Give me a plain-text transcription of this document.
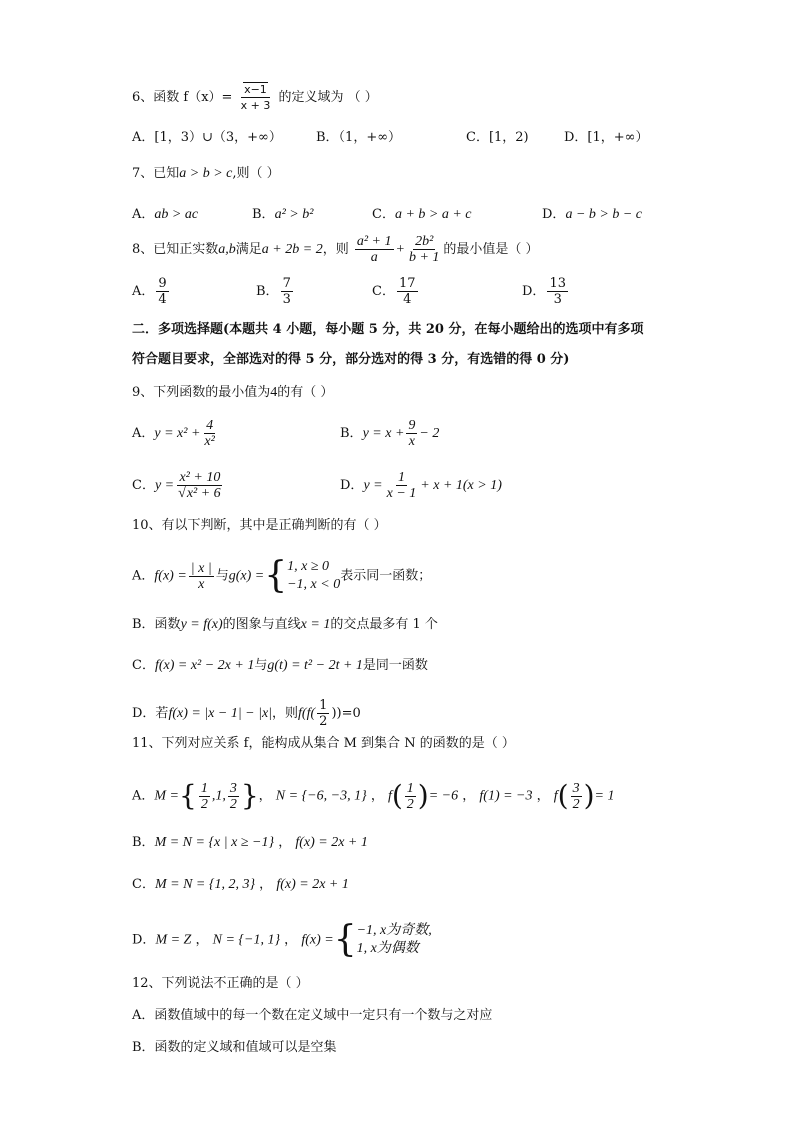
6、函数 $f(x)= \frac{x-1}{x + 3}$ 的定义域为 （ ）
A．[1，3）∪（3，+∞）	B．（1，+∞）	C．[1，2)	D．[1，+∞）
7、已知a > b > c,则（ ）
A．ab > ac	B．a² > b²	C．a + b > a + c	D．a − b > b − c
8、已知正实数a,b满足a + 2b = 2，则 $\frac{\text{a² + 1}}{a} + \frac{\text{2b²}}{b + 1}$ 的最小值是（ ）
A． $\frac{9}{4}$	B． $\frac{7}{3}$	C． $\frac{17}{4}$	D． $\frac{13}{3}$
二．多项选择题(本题共 4 小题，每小题 5 分，共 20 分，在每小题给出的选项中有多项
符合题目要求，全部选对的得 5 分，部分选对的得 3 分，有选错的得 0 分)
9、下列函数的最小值为4的有（ ）
A．$y = x^2 + \frac{4}{\text{x²}}$	B．$y = x + \frac{9}{x} - 2$
C．$y = \frac{\text{x² + 10}}{\text{√x² + 6}}$	D．$y = \frac{1}{x - 1} + x + 1(x > 1)$
10、有以下判断，其中是正确判断的有（ ）
A．$f(x) = \frac{| x |}{x}$ 与g(x) ={ 1, x ≥ 0
−1, x < 0
表示同一函数；
B．函数y = f(x)的图象与直线x = 1的交点最多有 1 个
C．f(x) = x² − 2x + 1与g(t) = t² − 2t + 1是同一函数
D．若f(x) = |x − 1| − |x|，则$f(f( \frac{1}{2} ))=0$
11、下列对应关系 f，能构成从集合 M 到集合 N 的函数的是（ ）
A．M ={ $\frac{1}{2} ,1$, $\frac{3}{2}$ }， N = {−6, −3, 1} ， $f( \frac{1}{2}$ )= −6 ， f(1) = −3 ， $f( \frac{3}{2}$ )= 1
B．M = N = {x | x ≥ −1} ， f(x) = 2x + 1
C．M = N = {1, 2, 3} ， f(x) = 2x + 1
D．M = Z ， N = {−1, 1} ， f(x) ={ −1, x为奇数,
1, x为偶数
12、下列说法不正确的是（ ）
A．函数值域中的每一个数在定义域中一定只有一个数与之对应
B．函数的定义域和值域可以是空集
